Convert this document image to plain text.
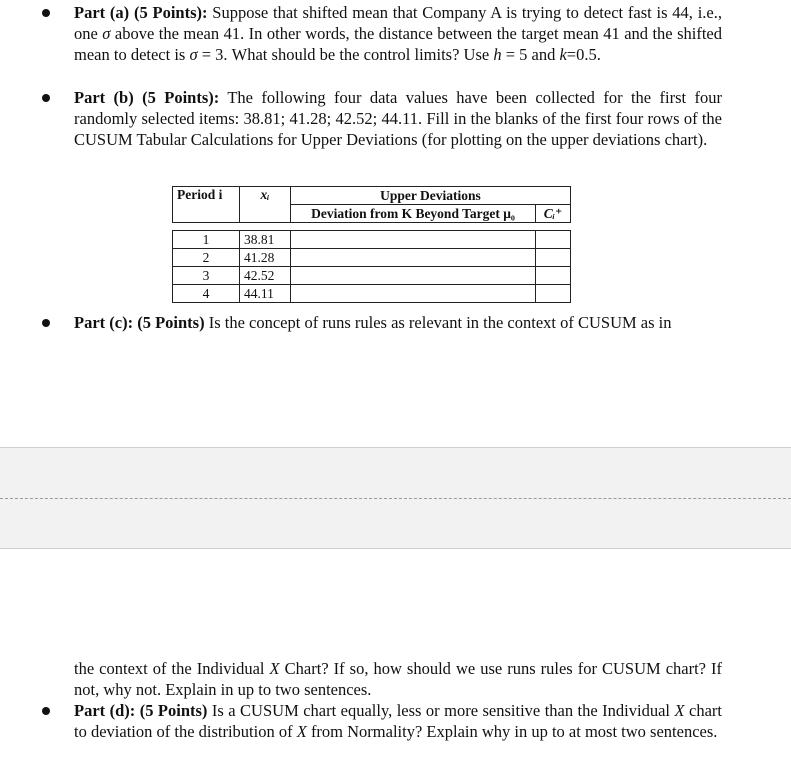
Part (a) (5 Points): Suppose that shifted mean that Company A is trying to detect fast is 44, i.e., one σ above the mean 41. In other words, the distance between the target mean 41 and the shifted mean to detect is σ = 3. What should be the control limits? Use h = 5 and k=0.5.
Part (b) (5 Points): The following four data values have been collected for the first four randomly selected items: 38.81; 41.28; 42.52; 44.11. Fill in the blanks of the first four rows of the CUSUM Tabular Calculations for Upper Deviations (for plotting on the upper deviations chart).
Period i	xᵢ	Upper Deviations	
		Deviation from K Beyond Target μ₀	Cᵢ⁺

1	38.81		
2	41.28		
3	42.52		
4	44.11		
Part (c): (5 Points) Is the concept of runs rules as relevant in the context of CUSUM as in
the context of the Individual X Chart? If so, how should we use runs rules for CUSUM chart? If not, why not. Explain in up to two sentences.
Part (d): (5 Points) Is a CUSUM chart equally, less or more sensitive than the Individual X chart to deviation of the distribution of X from Normality? Explain why in up to at most two sentences.
